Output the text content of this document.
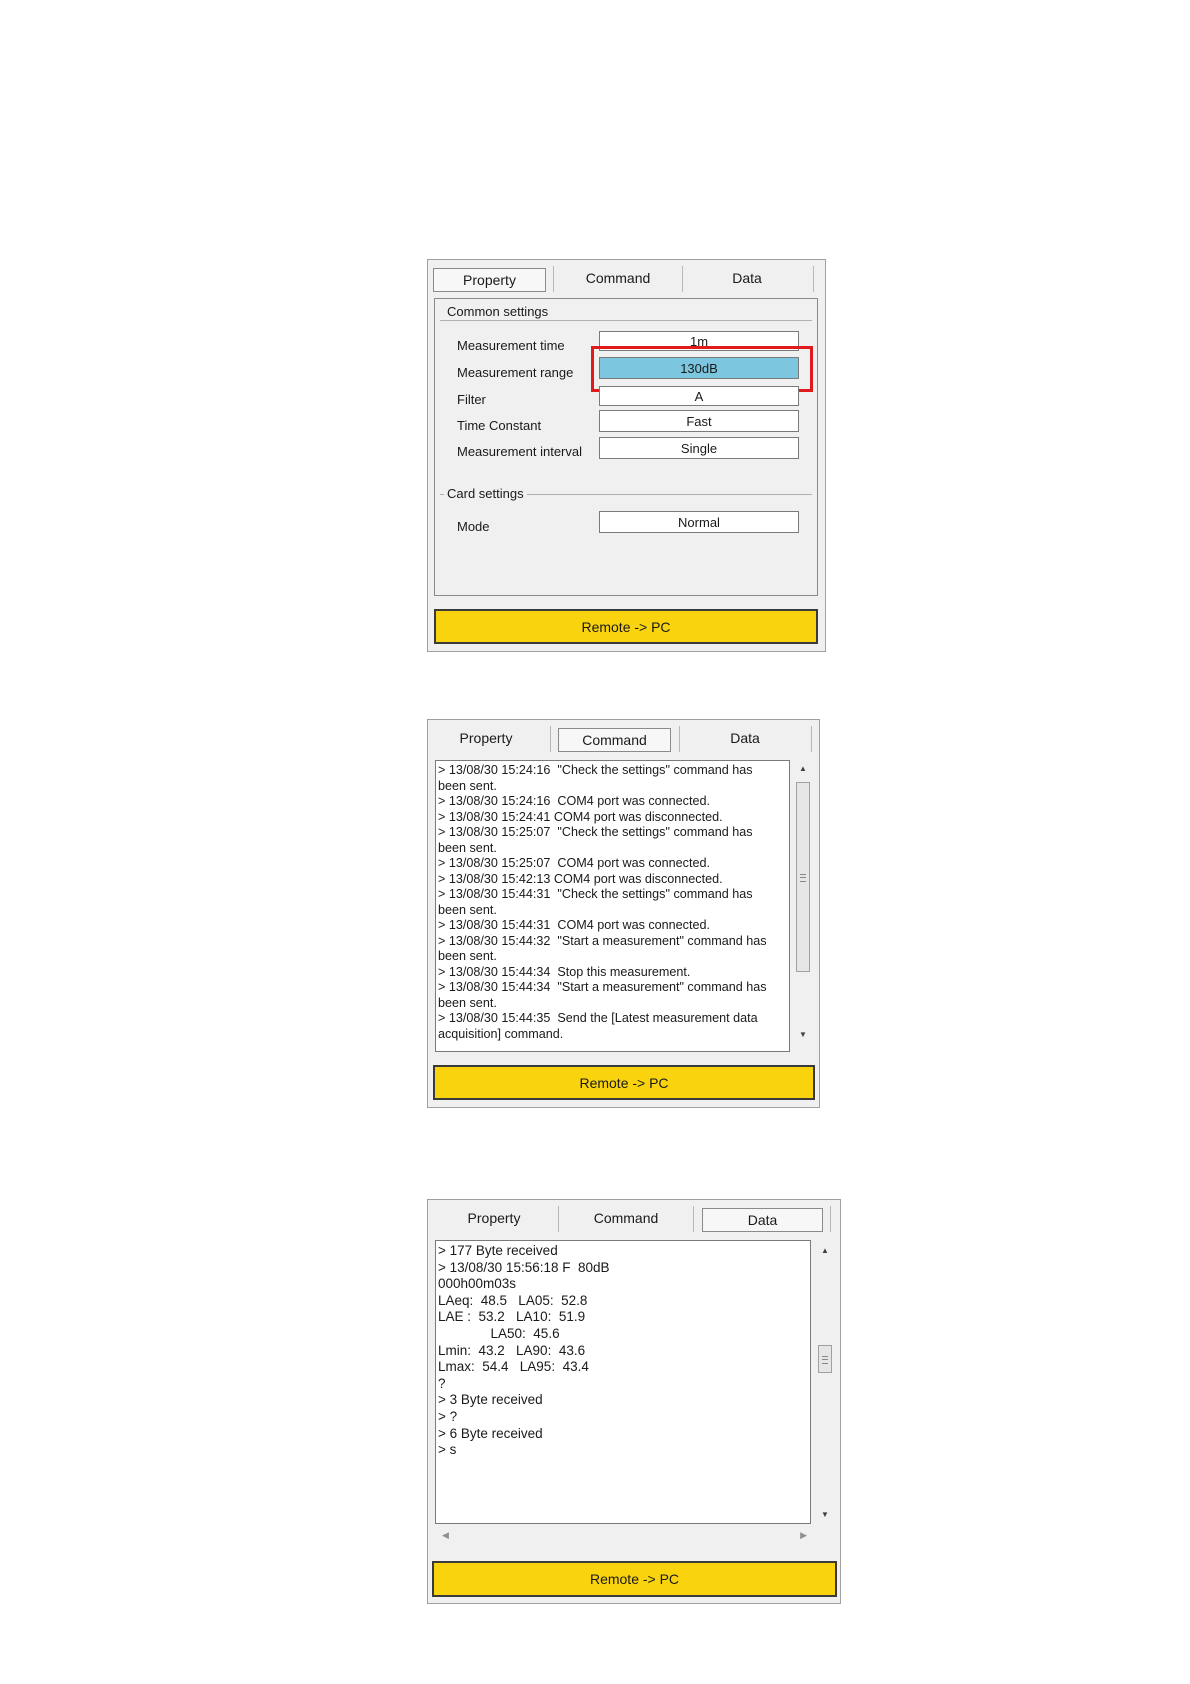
Property	Command	Data
Common settings
Measurement time	1m
Measurement range	130dB
Filter	A
Time Constant	Fast
Measurement interval	Single
Card settings
Mode	Normal
Remote -> PC
Property	Command	Data
> 13/08/30 15:24:16  "Check the settings" command has
been sent.
> 13/08/30 15:24:16  COM4 port was connected.
> 13/08/30 15:24:41 COM4 port was disconnected.
> 13/08/30 15:25:07  "Check the settings" command has
been sent.
> 13/08/30 15:25:07  COM4 port was connected.
> 13/08/30 15:42:13 COM4 port was disconnected.
> 13/08/30 15:44:31  "Check the settings" command has
been sent.
> 13/08/30 15:44:31  COM4 port was connected.
> 13/08/30 15:44:32  "Start a measurement" command has
been sent.
> 13/08/30 15:44:34  Stop this measurement.
> 13/08/30 15:44:34  "Start a measurement" command has
been sent.
> 13/08/30 15:44:35  Send the [Latest measurement data
acquisition] command.
▲
▼
Remote -> PC
Property	Command	Data
> 177 Byte received
> 13/08/30 15:56:18 F  80dB
000h00m03s
LAeq:  48.5   LA05:  52.8
LAE :  53.2   LA10:  51.9
LA50:  45.6
Lmin:  43.2   LA90:  43.6
Lmax:  54.4   LA95:  43.4
?
> 3 Byte received
> ?
> 6 Byte received
> s
▲
▼
◀	▶
Remote -> PC
